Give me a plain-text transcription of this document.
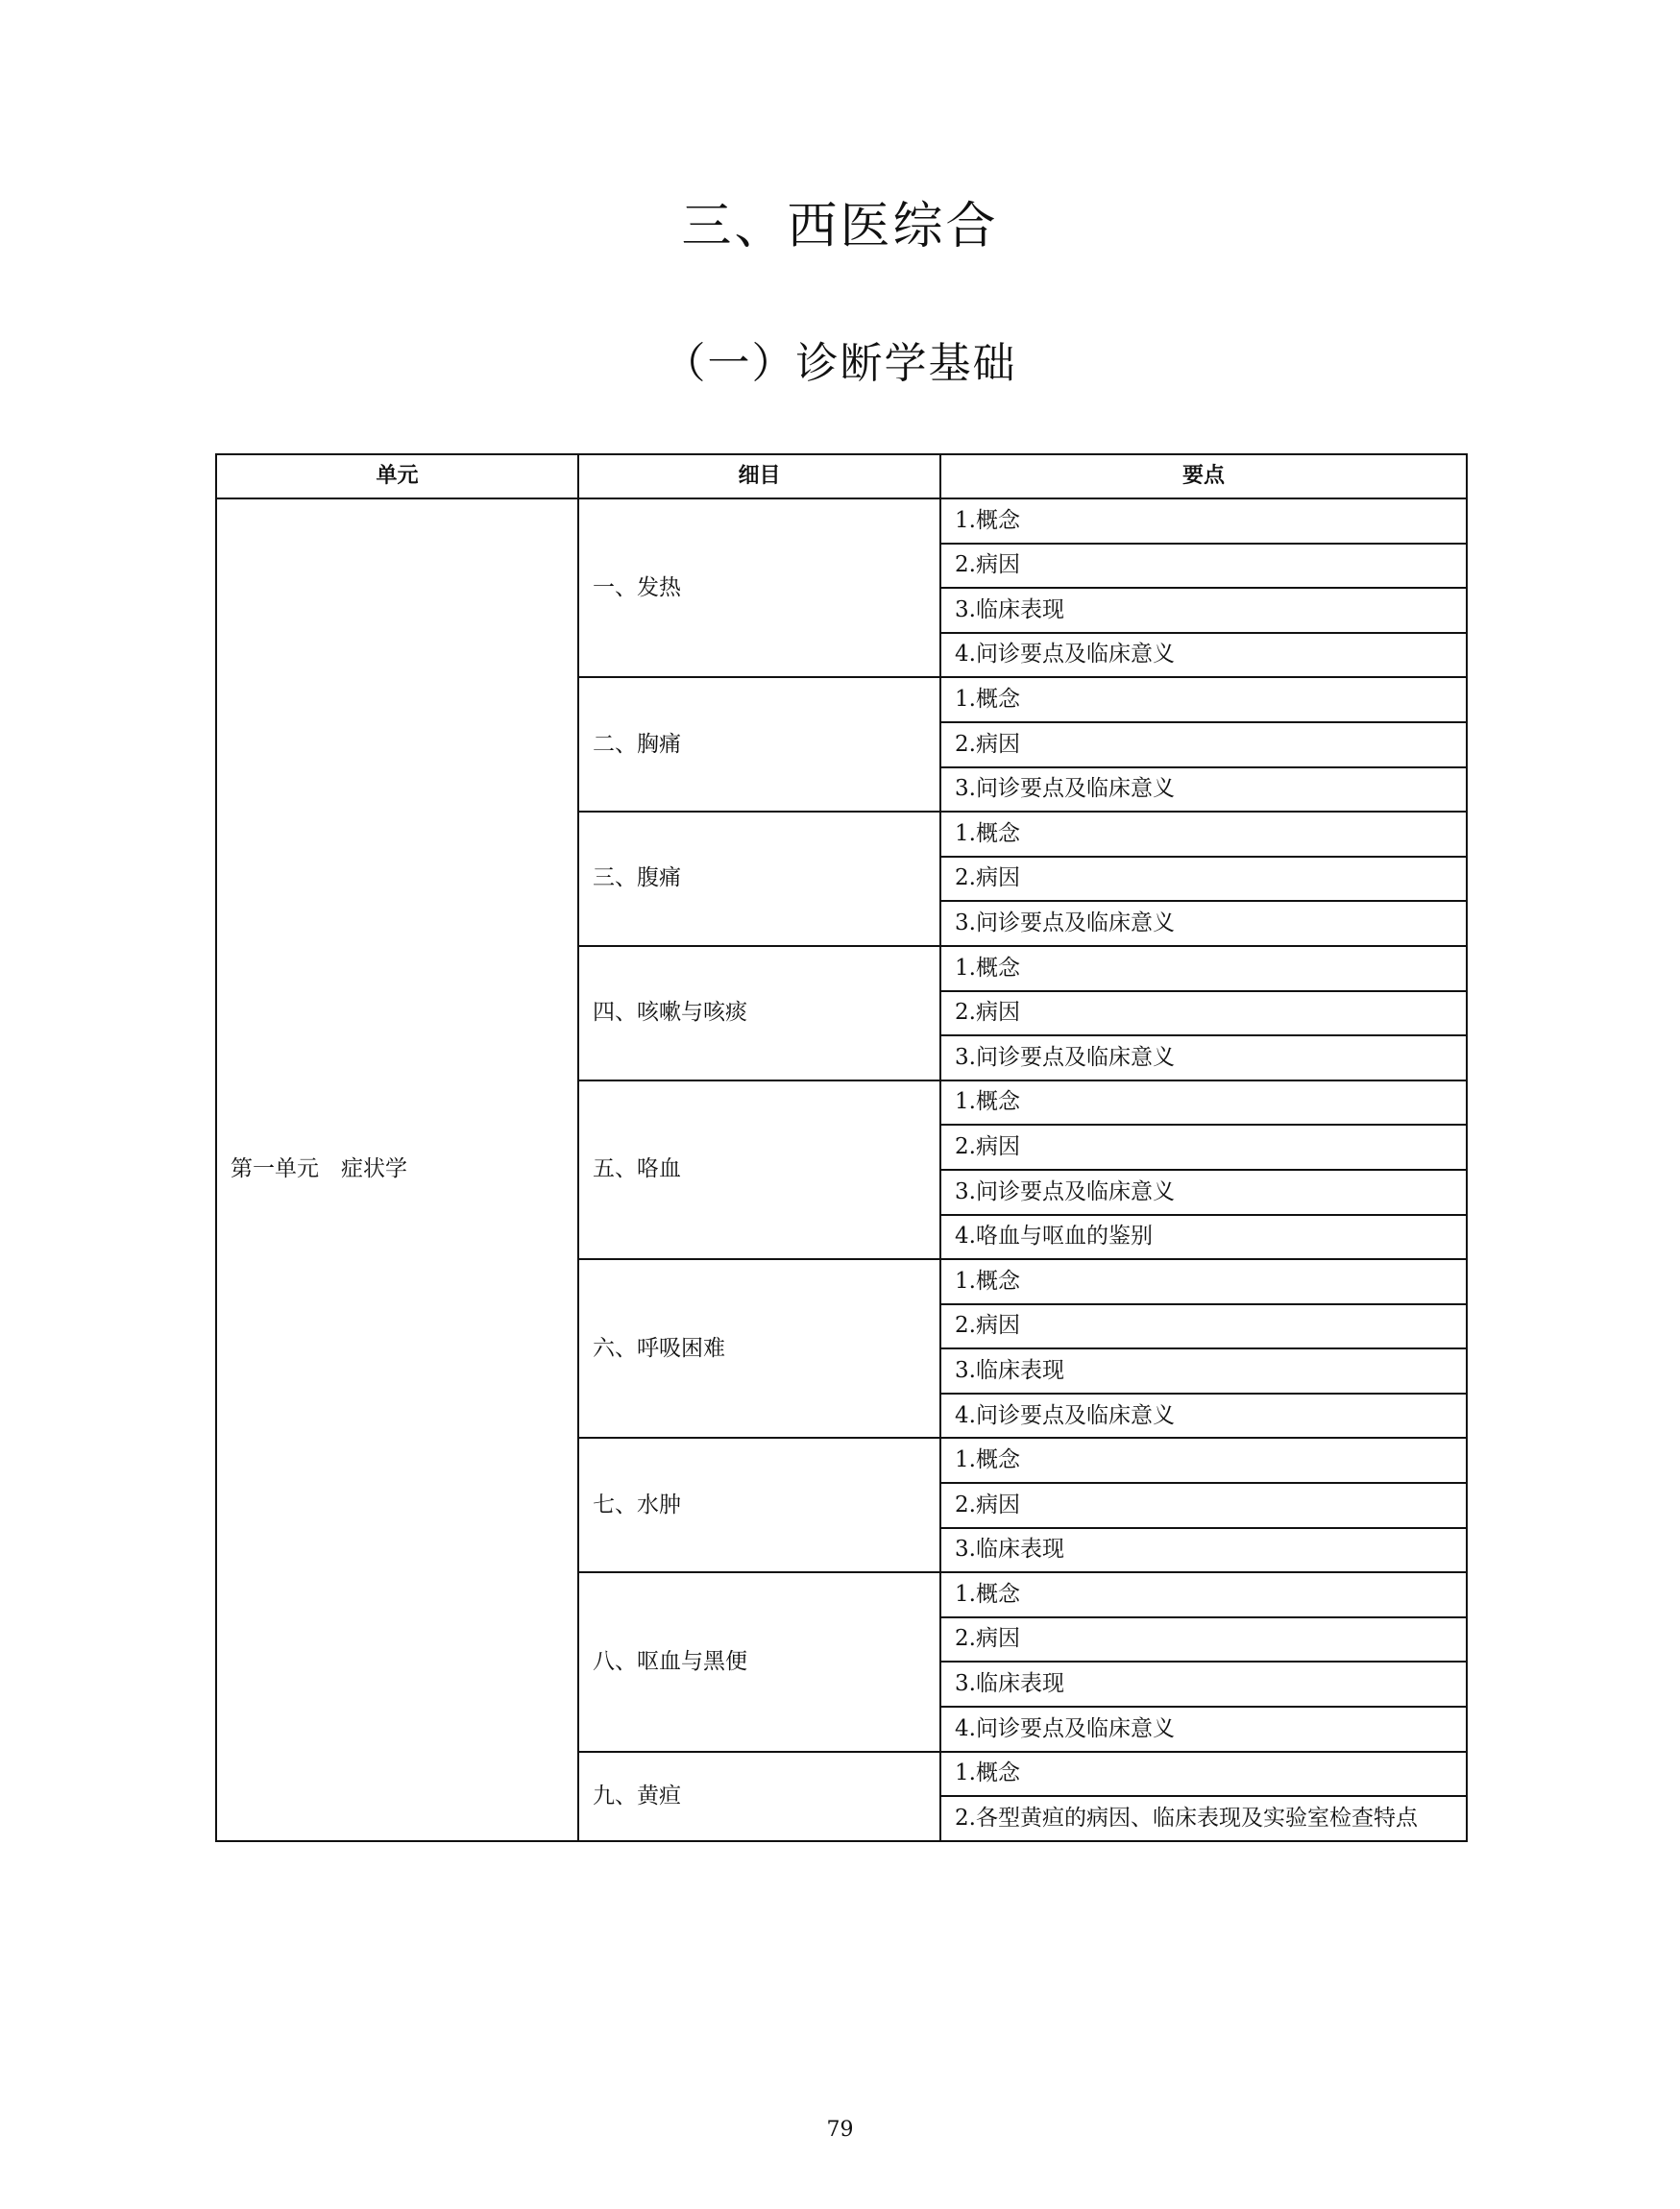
三、西医综合
（一）诊断学基础
单元	细目	要点
第一单元　症状学	一、发热	1.概念
		2.病因
		3.临床表现
		4.问诊要点及临床意义
	二、胸痛	1.概念
		2.病因
		3.问诊要点及临床意义
	三、腹痛	1.概念
		2.病因
		3.问诊要点及临床意义
	四、咳嗽与咳痰	1.概念
		2.病因
		3.问诊要点及临床意义
	五、咯血	1.概念
		2.病因
		3.问诊要点及临床意义
		4.咯血与呕血的鉴别
	六、呼吸困难	1.概念
		2.病因
		3.临床表现
		4.问诊要点及临床意义
	七、水肿	1.概念
		2.病因
		3.临床表现
	八、呕血与黑便	1.概念
		2.病因
		3.临床表现
		4.问诊要点及临床意义
	九、黄疸	1.概念
		2.各型黄疸的病因、临床表现及实验室检查特点
79
